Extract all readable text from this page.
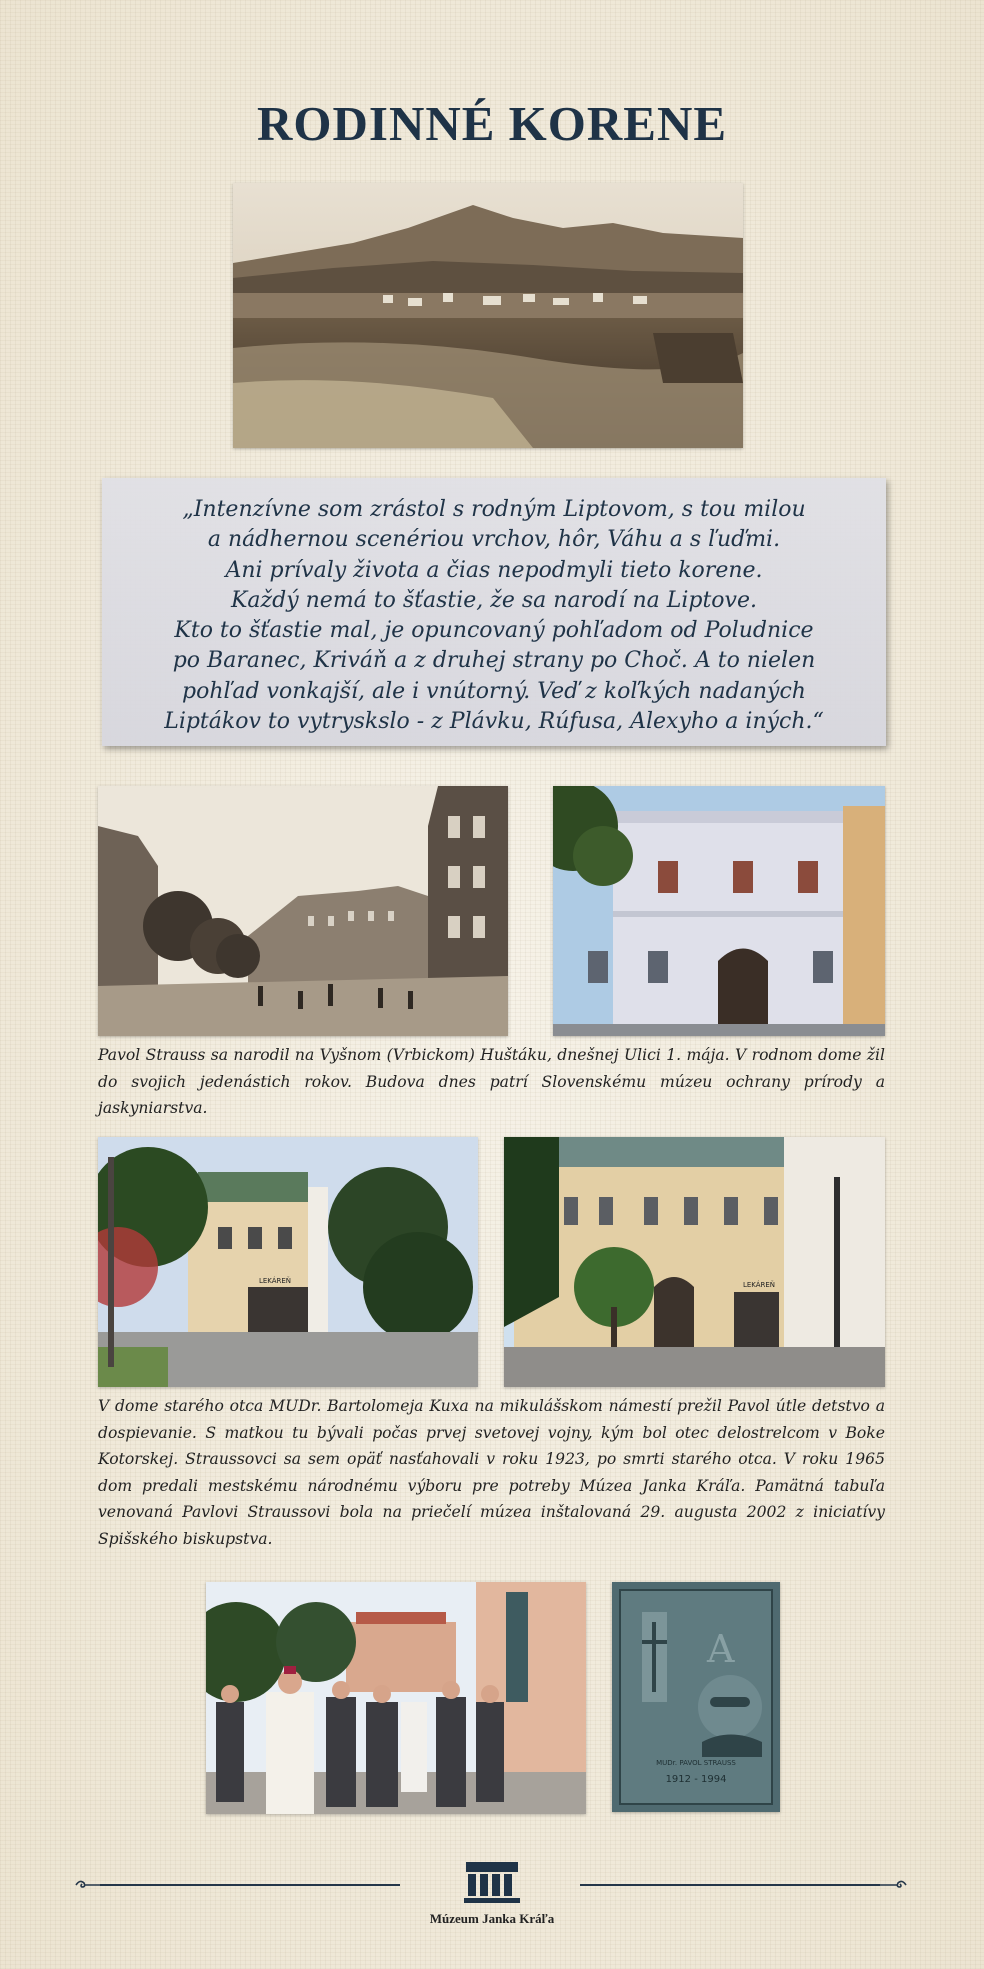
RODINNÉ KORENE
„Intenzívne som zrástol s rodným Liptovom, s tou milou
a nádhernou scenériou vrchov, hôr, Váhu a s ľuďmi.
Ani prívaly života a čias nepodmyli tieto korene.
Každý nemá to šťastie, že sa narodí na Liptove.
Kto to šťastie mal, je opuncovaný pohľadom od Poludnice
po Baranec, Kriváň a z druhej strany po Choč. A to nielen
pohľad vonkajší, ale i vnútorný. Veď z koľkých nadaných
Liptákov to vytryskslo - z Plávku, Rúfusa, Alexyho a iných.“
Pavol Strauss sa narodil na Vyšnom (Vrbickom) Huštáku, dnešnej Ulici 1. mája. V rodnom dome žil do svojich jedenástich rokov. Budova dnes patrí Slovenskému múzeu ochrany prírody a jaskyniarstva.
LEKÁREŇ	LEKÁREŇ
V dome starého otca MUDr. Bartolomeja Kuxa na mikulášskom námestí prežil Pavol útle detstvo a dospievanie. S matkou tu bývali počas prvej svetovej vojny, kým bol otec delostrelcom v Boke Kotorskej. Straussovci sa sem opäť nasťahovali v roku 1923, po smrti starého otca. V roku 1965 dom predali mestskému národnému výboru pre potreby Múzea Janka Kráľa. Pamätná tabuľa venovaná Pavlovi Straussovi bola na priečelí múzea inštalovaná 29. augusta 2002 z iniciatívy Spišského biskupstva.
A
MUDr. PAVOL STRAUSS
1912 - 1994
Múzeum Janka Kráľa
